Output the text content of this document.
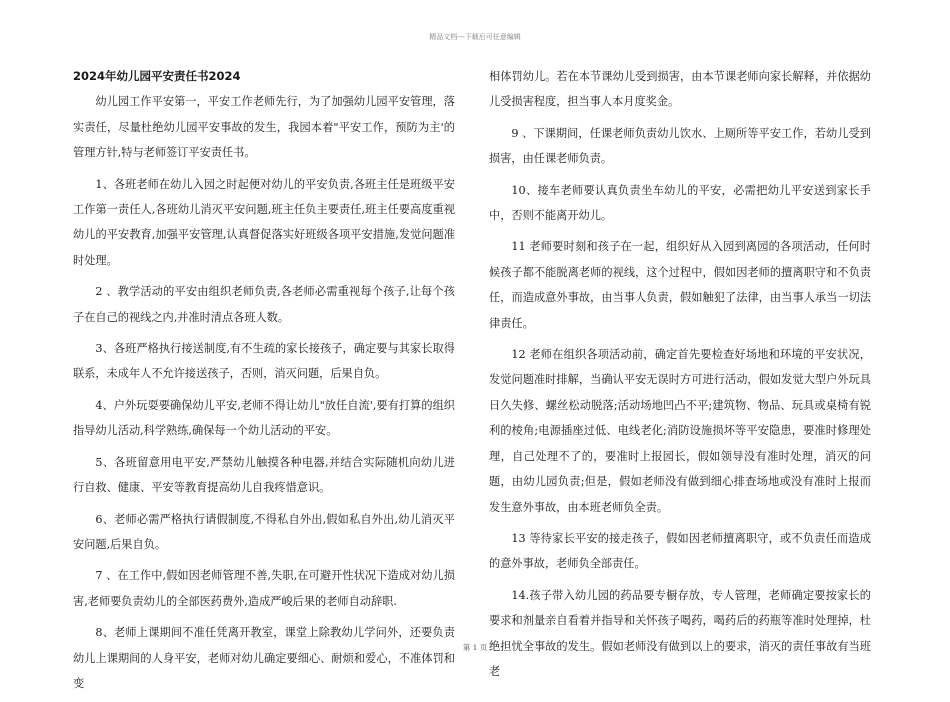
精品文档---下载后可任意编辑
2024年幼儿园平安责任书2024

幼儿园工作平安第一，平安工作老师先行，为了加强幼儿园平安管理，落实责任，尽量杜绝幼儿园平安事故的发生，我园本着"平安工作，预防为主'的管理方针,特与老师签订平安责任书。

1、各班老师在幼儿入园之时起便对幼儿的平安负责,各班主任是班级平安工作第一责任人,各班幼儿消灭平安问题,班主任负主要责任,班主任要高度重视幼儿的平安教育,加强平安管理,认真督促落实好班级各项平安措施,发觉问题准时处理。

2 、教学活动的平安由组织老师负责,各老师必需重视每个孩子,让每个孩子在自己的视线之内,并准时清点各班人数。

3、各班严格执行接送制度,有不生疏的家长接孩子，确定要与其家长取得联系，未成年人不允许接送孩子，否则，消灭问题，后果自负。

4、户外玩耍要确保幼儿平安,老师不得让幼儿"放任自流',要有打算的组织指导幼儿活动,科学熟练,确保每一个幼儿活动的平安。

5、各班留意用电平安,严禁幼儿触摸各种电器,并结合实际随机向幼儿进行自救、健康、平安等教育提高幼儿自我疼惜意识。

6、老师必需严格执行请假制度,不得私自外出,假如私自外出,幼儿消灭平安问题,后果自负。

7 、在工作中,假如因老师管理不善,失职,在可避开性状况下造成对幼儿损害,老师要负责幼儿的全部医药费外,造成严峻后果的老师自动辞职.

8、老师上课期间不准任凭离开教室，课堂上除教幼儿学问外，还要负责幼儿上课期间的人身平安，老师对幼儿确定要细心、耐烦和爱心，不准体罚和变

相体罚幼儿。若在本节课幼儿受到损害，由本节课老师向家长解释，并依据幼儿受损害程度，担当事人本月度奖金。

9 、下课期间，任课老师负责幼儿饮水、上厕所等平安工作，若幼儿受到损害，由任课老师负责。

10、接车老师要认真负责坐车幼儿的平安，必需把幼儿平安送到家长手中，否则不能离开幼儿。

11 老师要时刻和孩子在一起，组织好从入园到离园的各项活动，任何时候孩子都不能脱离老师的视线，这个过程中，假如因老师的擅离职守和不负责任，而造成意外事故，由当事人负责，假如触犯了法律，由当事人承当一切法律责任。

12 老师在组织各项活动前，确定首先要检查好场地和环境的平安状况，发觉问题准时排解，当确认平安无误时方可进行活动，假如发觉大型户外玩具日久失修、螺丝松动脱落;活动场地凹凸不平;建筑物、物品、玩具或桌椅有锐利的棱角;电源插座过低、电线老化;消防设施损坏等平安隐患，要准时修理处理，自己处理不了的，要准时上报园长，假如领导没有准时处理，消灭的问题，由幼儿园负责;但是，假如老师没有做到细心排查场地或没有准时上报而发生意外事故，由本班老师负全责。

13 等待家长平安的接走孩子，假如因老师擅离职守，或不负责任而造成的意外事故，老师负全部责任。

14.孩子带入幼儿园的药品要专橱存放，专人管理，老师确定要按家长的要求和剂量亲自看着并指导和关怀孩子喝药，喝药后的药瓶等准时处理掉，杜绝担忧全事故的发生。假如老师没有做到以上的要求，消灭的责任事故有当班老

第 1 页
